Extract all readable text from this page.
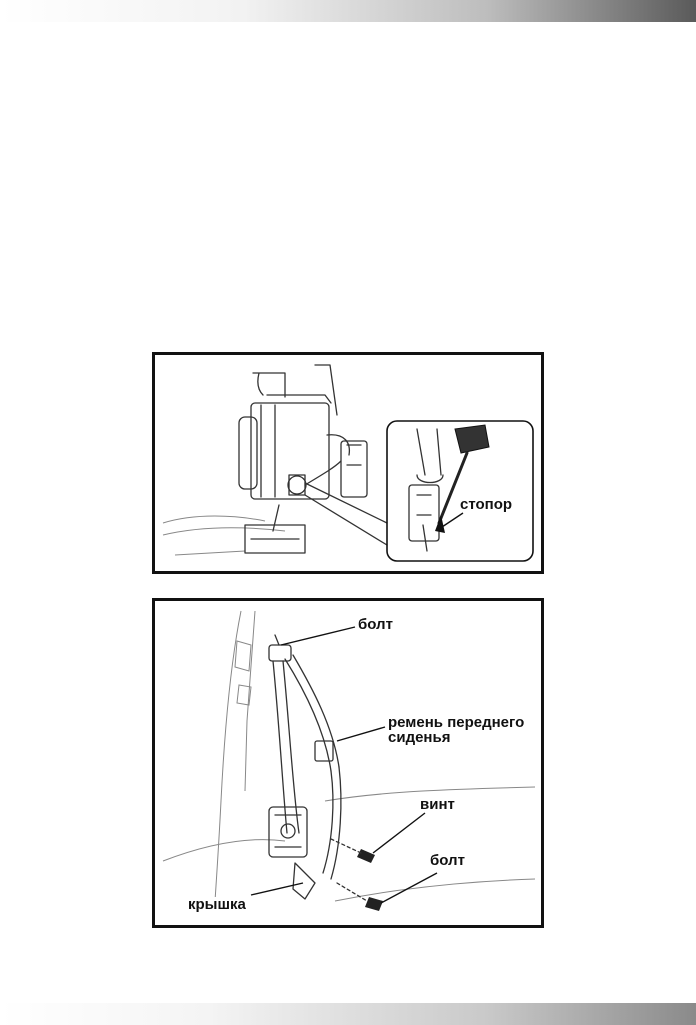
стопор
болт
ремень переднего
сиденья
винт
болт
крышка
